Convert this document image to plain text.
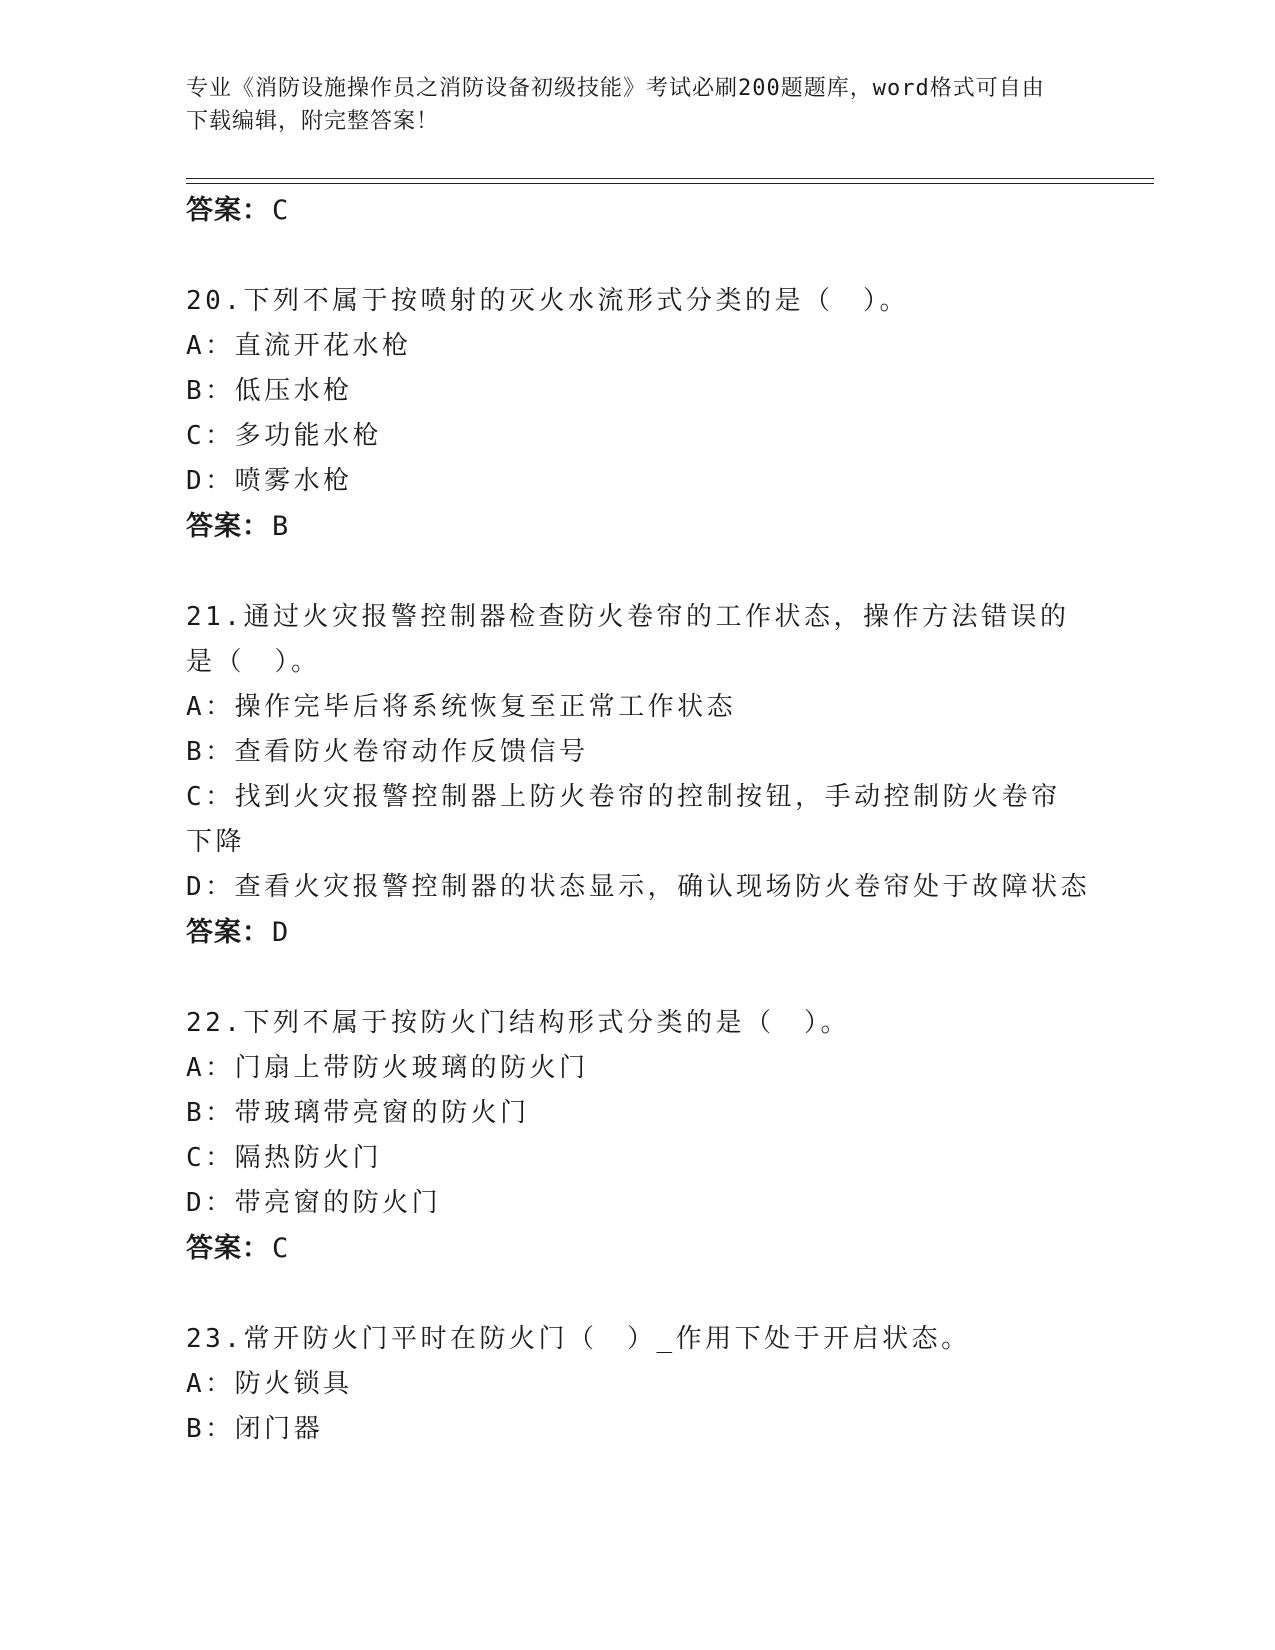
专业《消防设施操作员之消防设备初级技能》考试必刷200题题库，word格式可自由下载编辑，附完整答案！
答案：C
20.下列不属于按喷射的灭火水流形式分类的是（　）。
A：直流开花水枪
B：低压水枪
C：多功能水枪
D：喷雾水枪
答案：B
21.通过火灾报警控制器检查防火卷帘的工作状态，操作方法错误的是（　）。
A：操作完毕后将系统恢复至正常工作状态
B：查看防火卷帘动作反馈信号
C：找到火灾报警控制器上防火卷帘的控制按钮，手动控制防火卷帘下降
D：查看火灾报警控制器的状态显示，确认现场防火卷帘处于故障状态
答案：D
22.下列不属于按防火门结构形式分类的是（　）。
A：门扇上带防火玻璃的防火门
B：带玻璃带亮窗的防火门
C：隔热防火门
D：带亮窗的防火门
答案：C
23.常开防火门平时在防火门（　）_作用下处于开启状态。
A：防火锁具
B：闭门器
